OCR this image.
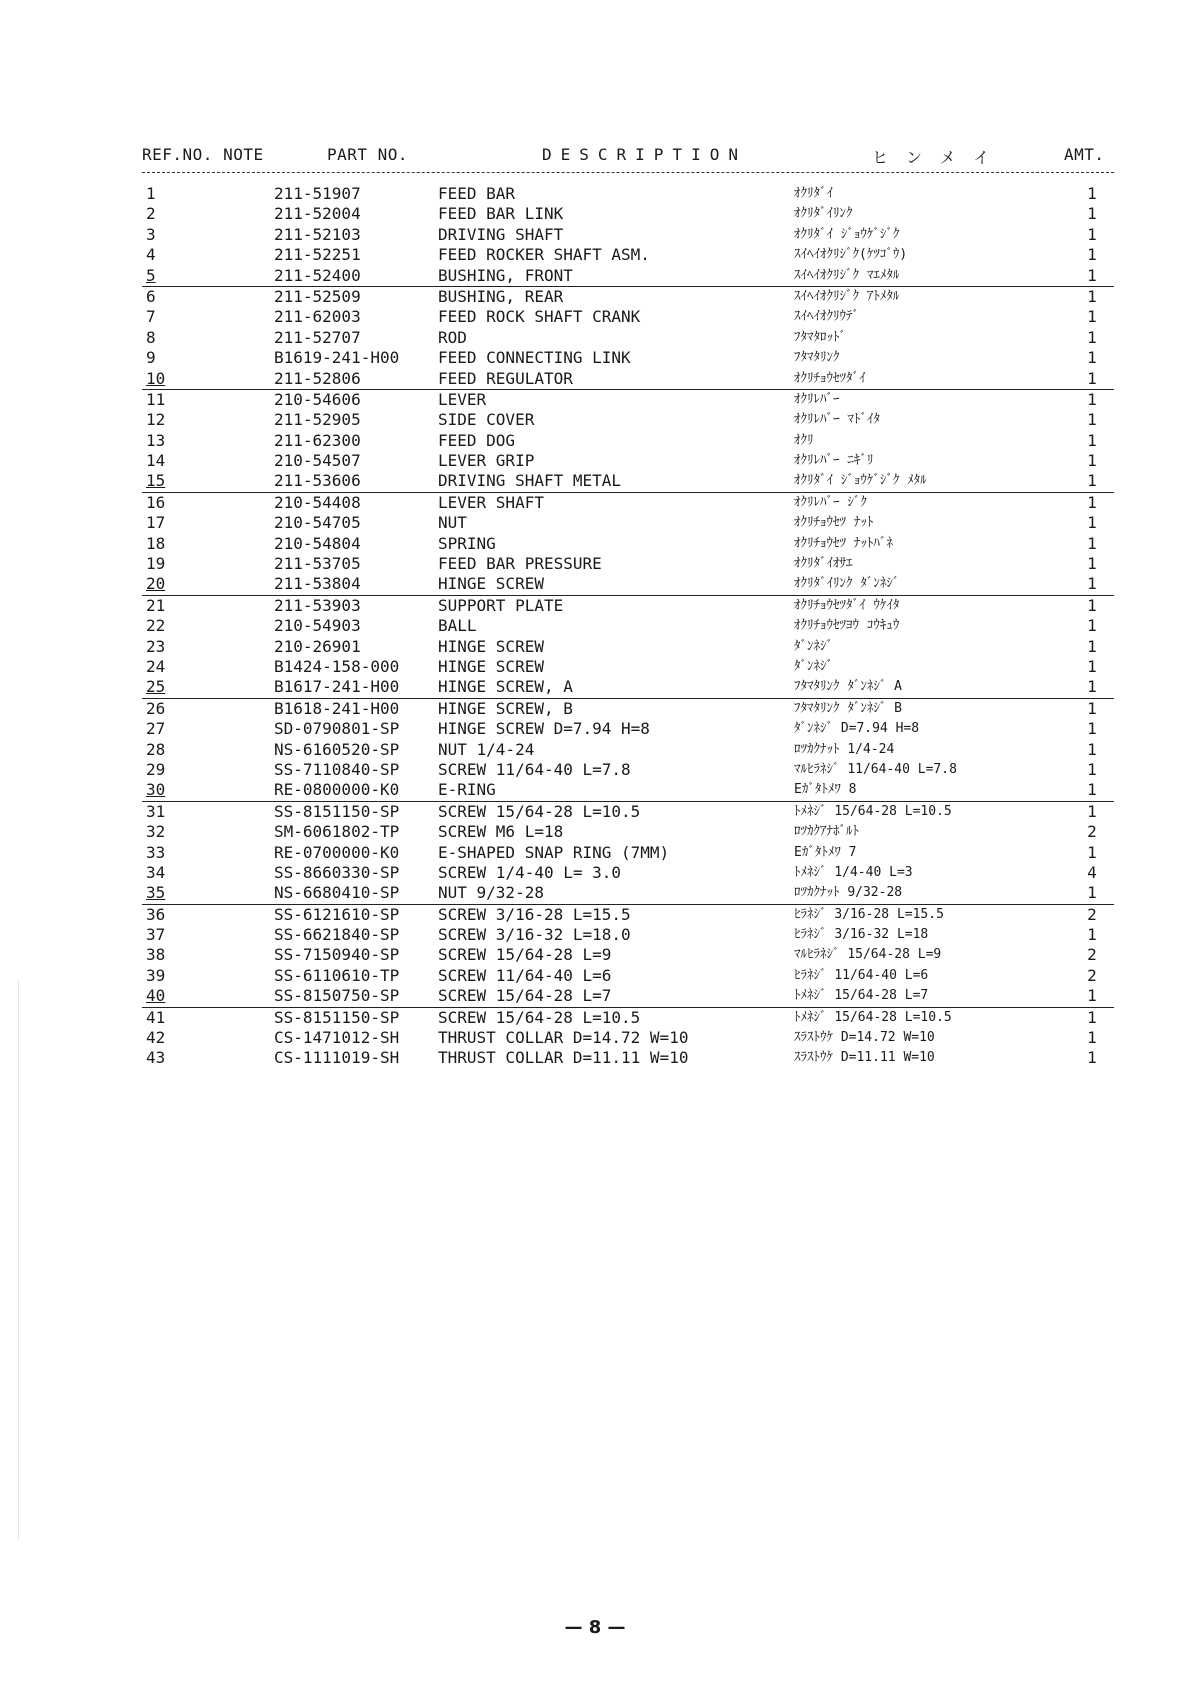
REF.NO. NOTE	PART NO.	DESCRIPTION	ヒンメイ	AMT.
1	211-51907	FEED BAR	ｵｸﾘﾀﾞｲ	1
2	211-52004	FEED BAR LINK	ｵｸﾘﾀﾞｲﾘﾝｸ	1
3	211-52103	DRIVING SHAFT	ｵｸﾘﾀﾞｲ ｼﾞｮｳｹﾞｼﾞｸ	1
4	211-52251	FEED ROCKER SHAFT ASM.	ｽｲﾍｲｵｸﾘｼﾞｸ(ｹﾂｺﾞｳ)	1
5	211-52400	BUSHING, FRONT	ｽｲﾍｲｵｸﾘｼﾞｸ ﾏｴﾒﾀﾙ	1
6	211-52509	BUSHING, REAR	ｽｲﾍｲｵｸﾘｼﾞｸ ｱﾄﾒﾀﾙ	1
7	211-62003	FEED ROCK SHAFT CRANK	ｽｲﾍｲｵｸﾘｳﾃﾞ	1
8	211-52707	ROD	ﾌﾀﾏﾀﾛｯﾄﾞ	1
9	B1619-241-H00 FEED CONNECTING LINK	ﾌﾀﾏﾀﾘﾝｸ	1
10	211-52806	FEED REGULATOR	ｵｸﾘﾁｮｳｾﾂﾀﾞｲ	1
11	210-54606	LEVER	ｵｸﾘﾚﾊﾞｰ	1
12	211-52905	SIDE COVER	ｵｸﾘﾚﾊﾞｰ ﾏﾄﾞｲﾀ	1
13	211-62300	FEED DOG	ｵｸﾘ	1
14	210-54507	LEVER GRIP	ｵｸﾘﾚﾊﾞｰ ﾆｷﾞﾘ	1
15	211-53606	DRIVING SHAFT METAL	ｵｸﾘﾀﾞｲ ｼﾞｮｳｹﾞｼﾞｸ ﾒﾀﾙ	1
16	210-54408	LEVER SHAFT	ｵｸﾘﾚﾊﾞｰ ｼﾞｸ	1
17	210-54705	NUT	ｵｸﾘﾁｮｳｾﾂ ﾅｯﾄ	1
18	210-54804	SPRING	ｵｸﾘﾁｮｳｾﾂ ﾅｯﾄﾊﾞﾈ	1
19	211-53705	FEED BAR PRESSURE	ｵｸﾘﾀﾞｲｵｻｴ	1
20	211-53804	HINGE SCREW	ｵｸﾘﾀﾞｲﾘﾝｸ ﾀﾞﾝﾈｼﾞ	1
21	211-53903	SUPPORT PLATE	ｵｸﾘﾁｮｳｾﾂﾀﾞｲ ｳｹｲﾀ	1
22	210-54903	BALL	ｵｸﾘﾁｮｳｾﾂﾖｳ ｺｳｷｭｳ	1
23	210-26901	HINGE SCREW	ﾀﾞﾝﾈｼﾞ	1
24	B1424-158-000 HINGE SCREW	ﾀﾞﾝﾈｼﾞ	1
25	B1617-241-H00 HINGE SCREW, A	ﾌﾀﾏﾀﾘﾝｸ ﾀﾞﾝﾈｼﾞ A	1
26	B1618-241-H00 HINGE SCREW, B	ﾌﾀﾏﾀﾘﾝｸ ﾀﾞﾝﾈｼﾞ B	1
27	SD-0790801-SP HINGE SCREW D=7.94 H=8	ﾀﾞﾝﾈｼﾞ D=7.94 H=8	1
28	NS-6160520-SP NUT 1/4-24	ﾛﾂｶｸﾅｯﾄ 1/4-24	1
29	SS-7110840-SP SCREW 11/64-40 L=7.8	ﾏﾙﾋﾗﾈｼﾞ 11/64-40 L=7.8	1
30	RE-0800000-K0 E-RING	Eｶﾞﾀﾄﾒﾜ 8	1
31	SS-8151150-SP SCREW 15/64-28 L=10.5	ﾄﾒﾈｼﾞ 15/64-28 L=10.5	1
32	SM-6061802-TP SCREW M6 L=18	ﾛﾂｶｸｱﾅﾎﾞﾙﾄ	2
33	RE-0700000-K0 E-SHAPED SNAP RING (7MM)	Eｶﾞﾀﾄﾒﾜ 7	1
34	SS-8660330-SP SCREW 1/4-40 L= 3.0	ﾄﾒﾈｼﾞ 1/4-40 L=3	4
35	NS-6680410-SP NUT 9/32-28	ﾛﾂｶｸﾅｯﾄ 9/32-28	1
36	SS-6121610-SP SCREW 3/16-28 L=15.5	ﾋﾗﾈｼﾞ 3/16-28 L=15.5	2
37	SS-6621840-SP SCREW 3/16-32 L=18.0	ﾋﾗﾈｼﾞ 3/16-32 L=18	1
38	SS-7150940-SP SCREW 15/64-28 L=9	ﾏﾙﾋﾗﾈｼﾞ 15/64-28 L=9	2
39	SS-6110610-TP SCREW 11/64-40 L=6	ﾋﾗﾈｼﾞ 11/64-40 L=6	2
40	SS-8150750-SP SCREW 15/64-28 L=7	ﾄﾒﾈｼﾞ 15/64-28 L=7	1
41	SS-8151150-SP SCREW 15/64-28 L=10.5	ﾄﾒﾈｼﾞ 15/64-28 L=10.5	1
42	CS-1471012-SH THRUST COLLAR D=14.72 W=10	ｽﾗｽﾄｳｹ D=14.72 W=10	1
43	CS-1111019-SH THRUST COLLAR D=11.11 W=10	ｽﾗｽﾄｳｹ D=11.11 W=10	1
— 8 —
